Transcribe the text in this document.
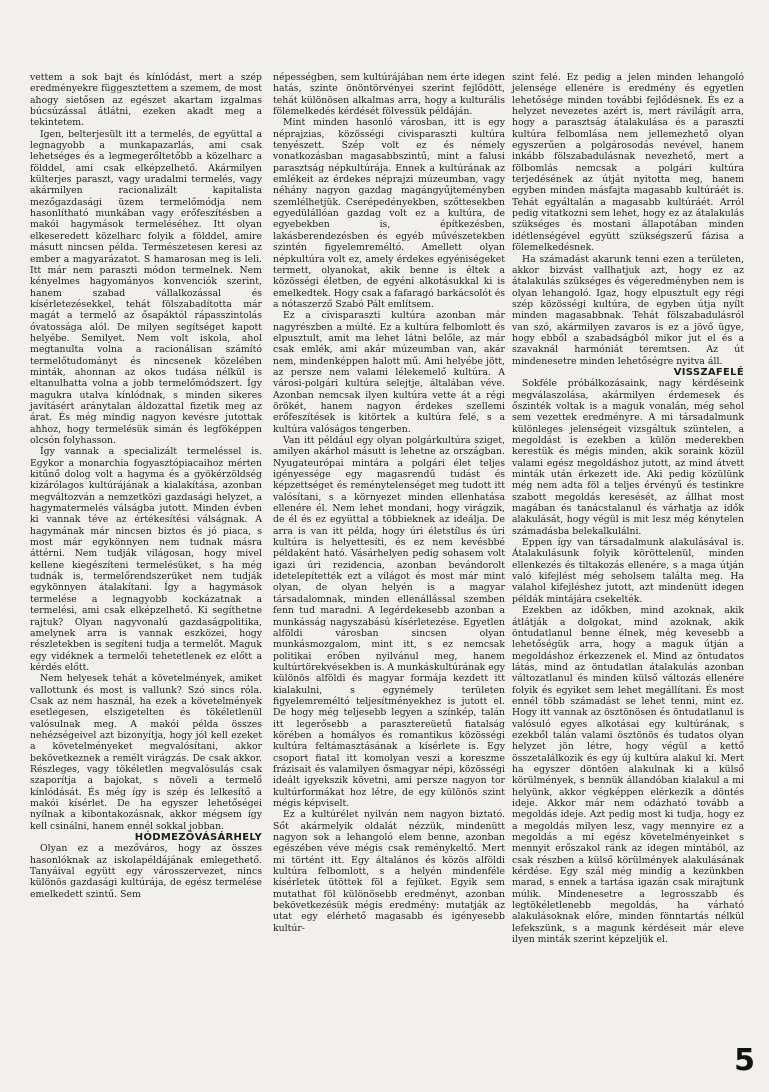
vettem a sok bajt és kínlódást, mert a szép eredményekre függesztettem a szemem, de most ahogy sietősen az egészet akartam izgalmas búcsúzással átlátni, ezeken akadt meg a tekintetem.

Igen, belterjesült itt a termelés, de együttal a legnagyobb a munkapazarlás, ami csak lehetséges és a legmegerőltetőbb a közelharc a földdel, ami csak elképzelhető. Akármilyen külterjes paraszt, vagy uradalmi termelés, vagy akármilyen racionalizált kapitalista mezőgazdasági üzem termelőmódja nem hasonlítható munkában vagy erőfeszítésben a makói hagymások termeléséhez. Itt olyan elkeseredett közelharc folyik a földdel, amire másutt nincsen példa. Természetesen keresi az ember a magyarázatot. S hamarosan meg is leli. Itt már nem paraszti módon termelnek. Nem kényelmes hagyományos konvenciók szerint, hanem szabad vállalkozással és kísérletezésekkel, tehát fölszabadította már magát a termelő az ősapáktól rápasszintolás óvatossága alól. De milyen segítséget kapott helyébe. Semilyet. Nem volt iskola, ahol megtanulta volna a racionálisan számító termelőtudományt és nincsenek közelében minták, ahonnan az okos tudása nélkül is eltanulhatta volna a jobb termelőmódszert. Így magukra utalva kínlódnak, s minden sikeres javításért aránytalan áldozattal fizetik meg az árat. És még mindig nagyon kevésre jutottak ahhoz, hogy termelésük simán és legföképpen olcsón folyhasson.

Így vannak a specializált termeléssel is. Egykor a monarchia fogyasztópiacaihoz mérten kitűnő dolog volt a hagyma és a gyökérzöldség kizárólagos kultúrájának a kialakítása, azonban megváltozván a nemzetközi gazdasági helyzet, a hagymatermelés válságba jutott. Minden évben ki vannak téve az értékesítési válságnak. A hagymának már nincsen biztos és jó piaca, s most már egykönnyen nem tudnak másra áttérni. Nem tudják világosan, hogy mivel kellene kiegészíteni termelésüket, s ha még tudnák is, termelőrendszerüket nem tudják egykönnyen átalakítani. Így a hagymások termelése a legnagyobb kockázatnak a termelési, ami csak elképzelhető. Ki segíthetne rajtuk? Olyan nagyvonalú gazdaságpolitika, amelynek arra is vannak eszközei, hogy részletekben is segíteni tudja a termelőt. Maguk egy vidéknek a termelői tehetetlenek ez előtt a kérdés előtt.

Nem helyesek tehát a követelmények, amiket vallottunk és most is vallunk? Szó sincs róla. Csak az nem használ, ha ezek a követelmények esetlegesen, elszigetelten és tökéletlenül valósulnak meg. A makói példa összes nehézségeivel azt bizonyítja, hogy jól kell ezeket a követelményeket megvalósítani, akkor bekövetkeznek a remélt virágzás. De csak akkor. Részleges, vagy tökéletlen megvalósulás csak szaporítja a bajokat, s növeli a termelő kínlódását. És még így is szép és lelkesítő a makói kísérlet. De ha egyszer lehetőségei nyílnak a kibontakozásnak, akkor mégsem így kell csinálni, hanem ennél sokkal jobban.

HÓDMEZŐVÁSÁRHELY

Olyan ez a mezőváros, hogy az összes hasonlóknak az iskolapéldájának emlegethető. Tanyáival együtt egy városszervezet, nincs különös gazdasági kultúrája, de egész termelése emelkedett szintű. Sem

népességben, sem kultúrájában nem érte idegen hatás, szinte önöntörvényei szerint fejlődött, tehát különösen alkalmas arra, hogy a kulturális fölemelkedés kérdését fölvessük példáján.

Mint minden hasonló városban, itt is egy néprajzias, közösségi civisparaszti kultúra tenyészett. Szép volt ez és némely vonatkozásban magasabbszintű, mint a falusi parasztság népkultúrája. Ennek a kultúrának az emlékeit az érdekes néprajzi múzeumban, vagy néhány nagyon gazdag magángyűjteményben szemlélhetjük. Cserépedényekben, szőttesekben egyedülállóan gazdag volt ez a kultúra, de egyebekben is, építkezésben, lakásberendezésben és egyéb művészetekben szintén figyelemreméltó. Amellett olyan népkultúra volt ez, amely érdekes egyéniségeket termett, olyanokat, akik benne is éltek a közösségi életben, de egyéni alkotásukkal ki is emelkedtek. Hogy csak a fafaragó barkácsolót és a nótaszerző Szabó Pált említsem.

Ez a civisparaszti kultúra azonban már nagyrészben a múlté. Ez a kultúra felbomlott és elpusztult, amit ma lehet látni belőle, az már csak emlék, ami akár múzeumban van, akár nem, mindenképpen halott mű. Ami helyébe jött, az persze nem valami lélekemelő kultúra. A városi-polgári kultúra selejtje, általában véve. Azonban nemcsak ilyen kultúra vette át a régi örökét, hanem nagyon érdekes szellemi erőfeszítések is kitörtek a kultúra felé, s a kultúra valóságos tengerben.

Van itt például egy olyan polgárkultúra sziget, amilyen akárhol másutt is lehetne az országban. Nyugateurópai mintára a polgári élet teljes igényessége egy magasrendű tudást és képzettséget és reménytelenséget meg tudott itt valósítani, s a környezet minden ellenhatása ellenére él. Nem lehet mondani, hogy virágzik, de él és ez együttal a többieknek az ideálja. De arra is van itt példa, hogy úri életstílus és úri kultúra is helyettesíti, és ez nem kevésbbé példaként ható. Vásárhelyen pedig sohasem volt igazi úri rezidencia, azonban bevándorolt idetelepítették ezt a világot és most már mint olyan, de olyan helyén is a magyar társadalomnak, minden ellenállással szemben fenn tud maradni. A legérdekesebb azonban a munkásság nagyszabású kísérletezése. Egyetlen alföldi városban sincsen olyan munkásmozgalom, mint itt, s ez nemcsak politikai erőben nyilvánul meg, hanem kultúrtörekvésekben is. A munkáskultúrának egy különös alföldi és magyar formája kezdett itt kialakulni, s egynémely területen figyelemreméltó teljesítményekhez is jutott el. De hogy még teljesebb legyen a színkép, talán itt legerősebb a parasztereüetű fiatalság körében a homályos és romantikus közösségi kultúra feltámasztásának a kísérlete is. Egy csoport fiatal itt komolyan veszi a koreszme frázisait és valamilyen ősmagyar népi, közösségi ideált igyekszik követni, ami persze nagyon tor kultúrformákat hoz létre, de egy különös szint mégis képviselt.

Ez a kultúrélet nyilván nem nagyon biztató. Sőt akármelyik oldalát nézzük, mindenütt nagyon sok a lehangoló elem benne, azonban egészében véve mégis csak reménykeltő. Mert mi történt itt. Egy általános és közös alföldi kultúra felbomlott, s a helyén mindenféle kísérletek ütöttek föl a fejüket. Egyik sem mutathat föl különösebb eredményt, azonban bekövetkezésük mégis eredmény: mutatják az utat egy elérhető magasabb és igényesebb kultúr-

szint felé. Ez pedig a jelen minden lehangoló jelensége ellenére is eredmény és egyetlen lehetősége minden további fejlődésnek. És ez a helyzet nevezetes azért is, mert rávilágít arra, hogy a parasztság átalakulása és a paraszti kultúra felbomlása nem jellemezhető olyan egyszerűen a polgárosodás nevével, hanem inkább fölszabadulásnak nevezhető, mert a fölbomlás nemcsak a polgári kultúra terjedésének az útját nyitotta meg, hanem egyben minden másfajta magasabb kultúráét is. Tehát egyáltalán a magasabb kultúráét. Arról pedig vitatkozni sem lehet, hogy ez az átalakulás szükséges és mostani állapotában minden idétlenségével együtt szükségszerű fázisa a fölemelkedésnek.

Ha számadást akarunk tenni ezen a területen, akkor bizvást vallhatjuk azt, hogy ez az átalakulás szükséges és végeredményben nem is olyan lehangoló. Igaz, hogy elpusztult egy régi szép közösségi kultúra, de egyben útja nyílt minden magasabbnak. Tehát fölszabadulásról van szó, akármilyen zavaros is ez a jövő ügye, hogy ebből a szabadságból mikor jut el és a szavaknál harmóniát teremtsen. Az út mindenesetre minden lehetőségre nyitva áll.

VISSZAFELÉ

Sokféle próbálkozásaink, nagy kérdéseink megválaszolása, akármilyen érdemesek és őszinték voltak is a maguk vonalán, még sehol sem vezettek eredményre. A mi társadalmunk különleges jelenségeit vizsgáltuk szüntelen, a megoldást is ezekben a külön mederekben kerestük és mégis minden, akik soraink közül valami egész megoldáshoz jutott, az mind átvett minták után érkezett ide. Aki pedig közülünk még nem adta föl a teljes érvényű és testinkre szabott megoldás keresését, az állhat most magában és tanácstalanul és várhatja az idők alakulását, hogy végül is mit lesz még kénytelen számadásba belekalkulálni.

Eppen így van társadalmunk alakulásával is. Átalakulásunk folyik köröttelenül, minden ellenkezés és tiltakozás ellenére, s a maga útján való kifejlést még seholsem találta meg. Ha valahol kifejléshez jutott, azt mindenütt idegen példák mintájára csekelték.

Ezekben az időkben, mind azoknak, akik átlátják a dolgokat, mind azoknak, akik öntudatlanul benne élnek, még kevesebb a lehetőségük arra, hogy a maguk útján a megoldáshoz érkezzenek el. Mind az öntudatos látás, mind az öntudatlan átalakulás azonban változatlanul és minden külső változás ellenére folyik és egyiket sem lehet megállítani. És most ennél több számadást se lehet tenni, mint ez. Hogy itt vannak az ösztönösen és öntudatlanul is valósuló egyes alkotásai egy kultúrának, s ezekből talán valami ösztönös és tudatos olyan helyzet jön létre, hogy végül a kettő összetalálkozik és egy új kultúra alakul ki. Mert ha egyszer döntően alakulnak ki a külső körülmények, s bennük állandóban kialakul a mi helyünk, akkor végképpen elérkezik a döntés ideje. Akkor már nem odázható tovább a megoldás ideje. Azt pedig most ki tudja, hogy ez a megoldás milyen lesz, vagy mennyire ez a megoldás a mi egész követelményeinket s mennyit erőszakol ránk az idegen mintából, az csak részben a külső körülmények alakulásának kérdése. Egy szál még mindig a kezünkben marad, s ennek a tartása igazán csak mirajtunk múlik. Mindenesetre a legrosszabb és legtökéletlenebb megoldás, ha várható alakulásoknak előre, minden fönntartás nélkül lefekszünk, s a magunk kérdéseit már eleve ilyen minták szerint képzeljük el.

5
